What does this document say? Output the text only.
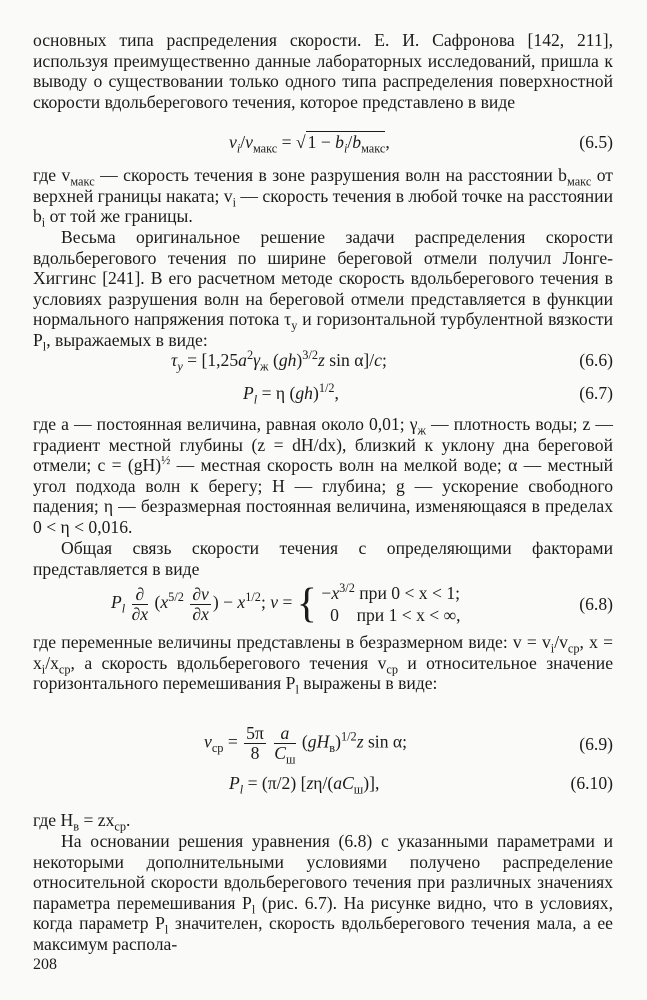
основных типа распределения скорости. Е. И. Сафронова [142, 211], используя преимущественно данные лабораторных исследований, пришла к выводу о существовании только одного типа распределения поверхностной скорости вдольберегового течения, которое представлено в виде

$v_i/v_{макс}$ = √ $1 - b_i/b_{макс}$,	(6.5)

где $v_{макс}$ — скорость течения в зоне разрушения волн на расстоянии $b_{макс}$ от верхней границы наката; $v_i$ — скорость течения в любой точке на расстоянии $b_i$ от той же границы.

Весьма оригинальное решение задачи распределения скорости вдольберегового течения по ширине береговой отмели получил Лонге-Хиггинс [241]. В его расчетном методе скорость вдольберегового течения в условиях разрушения волн на береговой отмели представляется в функции нормального напряжения потока $\tau_y$ и горизонтальной турбулентной вязкости $P_l$, выражаемых в виде:

$\tau_y = [1,25a^2\gamma_ж$ (gh)$^{3/2}$z sin α]/c;	(6.6)
$P_l = \eta$ (gh)$^{1/2}$,	(6.7)

где a — постоянная величина, равная около 0,01; $\gamma_ж$ — плотность воды; z — градиент местной глубины (z = dH/dx), близкий к уклону дна береговой отмели; c = (gH)$^{\frac{1}{2}}$ — местная скорость волн на мелкой воде; α — местный угол подхода волн к берегу; H — глубина; g — ускорение свободного падения; η — безразмерная постоянная величина, изменяющаяся в пределах 0 < η < 0,016.

Общая связь скорости течения с определяющими факторами представляется в виде

$P_l \frac{\partial}{\partial x} (x^{5/2} \frac{\partial v}{\partial x}$ ) − $x^{1/2}$; v = { $-x^{3/2}$ при 0 < x < 1;
0    при 1 < x < ∞,
(6.8)

где переменные величины представлены в безразмерном виде: $v = v_i/v_{ср}$, $x = x_i/x_{ср}$, а скорость вдольберегового течения $v_{ср}$ и относительное значение горизонтального перемешивания $P_l$ выражены в виде:

$v_{ср} = \frac{5\pi}{8}$
$\frac{a}{C_ш} (gH_в)^{1/2}z$ sin α;	(6.9)
$P_l = (\pi/2)$ $[z\eta/(aC_ш)]$,	(6.10)

где $H_в = zx_{ср}$.

На основании решения уравнения (6.8) с указанными параметрами и некоторыми дополнительными условиями получено распределение относительной скорости вдольберегового течения при различных значениях параметра перемешивания $P_l$ (рис. 6.7). На рисунке видно, что в условиях, когда параметр $P_l$ значителен, скорость вдольберегового течения мала, а ее максимум распола-

208
